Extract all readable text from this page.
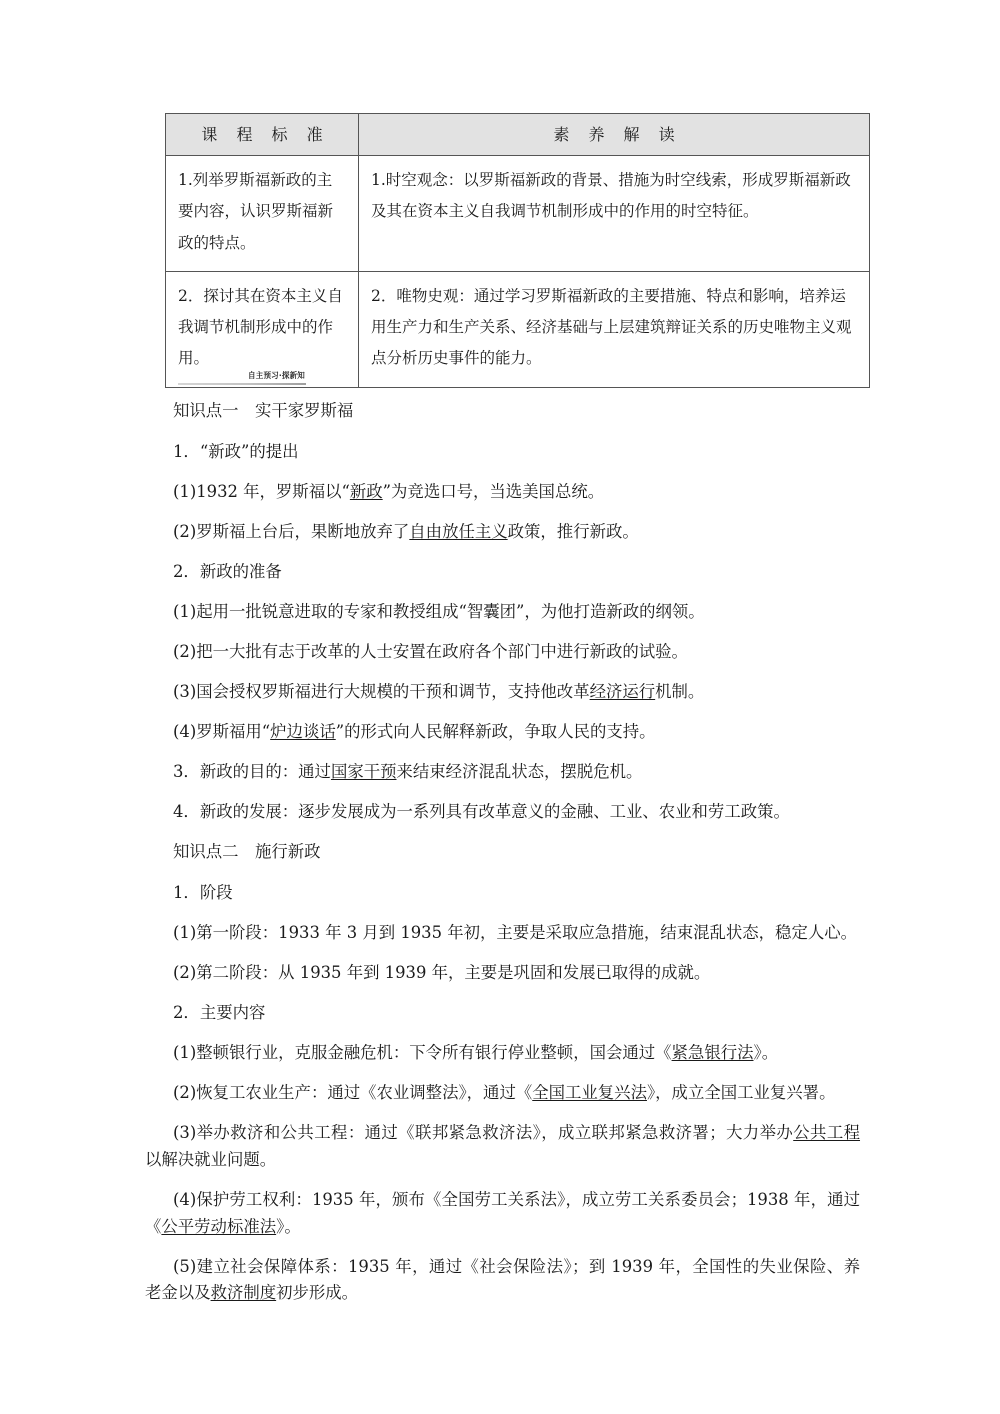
课 程 标 准	素 养 解 读

1.列举罗斯福新政的主要内容，认识罗斯福新政的特点。	1.时空观念：以罗斯福新政的背景、措施为时空线索，形成罗斯福新政及其在资本主义自我调节机制形成中的作用的时空特征。

2．探讨其在资本主义自我调节机制形成中的作用。	2．唯物史观：通过学习罗斯福新政的主要措施、特点和影响，培养运用生产力和生产关系、经济基础与上层建筑辩证关系的历史唯物主义观点分析历史事件的能力。

自主预习·探新知

知识点一　实干家罗斯福

1．“新政”的提出

(1)1932 年，罗斯福以“新政”为竞选口号，当选美国总统。

(2)罗斯福上台后，果断地放弃了自由放任主义政策，推行新政。

2．新政的准备

(1)起用一批锐意进取的专家和教授组成“智囊团”，为他打造新政的纲领。

(2)把一大批有志于改革的人士安置在政府各个部门中进行新政的试验。

(3)国会授权罗斯福进行大规模的干预和调节，支持他改革经济运行机制。

(4)罗斯福用“炉边谈话”的形式向人民解释新政，争取人民的支持。

3．新政的目的：通过国家干预来结束经济混乱状态，摆脱危机。

4．新政的发展：逐步发展成为一系列具有改革意义的金融、工业、农业和劳工政策。

知识点二　施行新政

1．阶段

(1)第一阶段：1933 年 3 月到 1935 年初，主要是采取应急措施，结束混乱状态，稳定人心。

(2)第二阶段：从 1935 年到 1939 年，主要是巩固和发展已取得的成就。

2．主要内容

(1)整顿银行业，克服金融危机：下令所有银行停业整顿，国会通过《紧急银行法》。

(2)恢复工农业生产：通过《农业调整法》，通过《全国工业复兴法》，成立全国工业复兴署。

(3)举办救济和公共工程：通过《联邦紧急救济法》，成立联邦紧急救济署；大力举办公共工程以解决就业问题。

(4)保护劳工权利：1935 年，颁布《全国劳工关系法》，成立劳工关系委员会；1938 年，通过《公平劳动标准法》。

(5)建立社会保障体系：1935 年，通过《社会保险法》；到 1939 年，全国性的失业保险、养老金以及救济制度初步形成。
